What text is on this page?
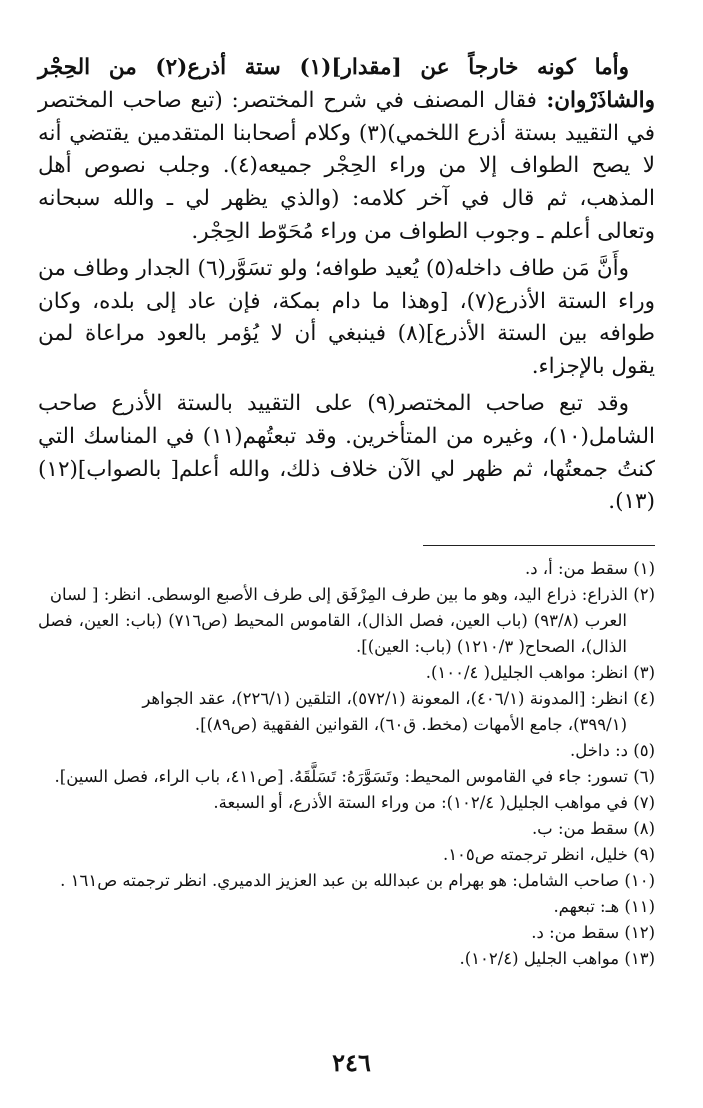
وأما كونه خارجاً عن [مقدار](١) ستة أذرع(٢) من الحِجْر والشاذَرْوان: فقال المصنف في شرح المختصر: (تبع صاحب المختصر في التقييد بستة أذرع اللخمي)(٣) وكلام أصحابنا المتقدمين يقتضي أنه لا يصح الطواف إلا من وراء الحِجْر جميعه(٤). وجلب نصوص أهل المذهب، ثم قال في آخر كلامه: (والذي يظهر لي ـ والله سبحانه وتعالى أعلم ـ وجوب الطواف من وراء مُحَوّط الحِجْر.

وأَنَّ مَن طاف داخله(٥) يُعيد طوافه؛ ولو تسَوَّر(٦) الجدار وطاف من وراء الستة الأذرع(٧)، [وهذا ما دام بمكة، فإن عاد إلى بلده، وكان طوافه بين الستة الأذرع](٨) فينبغي أن لا يُؤمر بالعود مراعاة لمن يقول بالإجزاء.

وقد تبع صاحب المختصر(٩) على التقييد بالستة الأذرع صاحب الشامل(١٠)، وغيره من المتأخرين. وقد تبعتُهم(١١) في المناسك التي كنتُ جمعتُها، ثم ظهر لي الآن خلاف ذلك، والله أعلم[ بالصواب](١٢)(١٣).

(١) سقط من: أ، د.
(٢) الذراع: ذراع اليد، وهو ما بين طرف المِرْفَق إلى طرف الأصبع الوسطى. انظر: [ لسان
العرب (٩٣/٨) (باب العين، فصل الذال)، القاموس المحيط (ص٧١٦) (باب: العين، فصل الذال)، الصحاح( ١٢١٠/٣) (باب: العين)].
(٣) انظر: مواهب الجليل( ١٠٠/٤).
(٤) انظر: [المدونة (٤٠٦/١)، المعونة (٥٧٢/١)، التلقين (٢٢٦/١)، عقد الجواهر
(٣٩٩/١)، جامع الأمهات (مخط. ق٦٠)، القوانين الفقهية (ص٨٩)].
(٥) د: داخل.
(٦) تسور: جاء في القاموس المحيط: وتَسَوَّرَهُ: تَسَلَّقَهُ. [ص٤١١، باب الراء، فصل السين].
(٧) في مواهب الجليل( ١٠٢/٤): من وراء الستة الأذرع، أو السبعة.
(٨) سقط من: ب.
(٩) خليل، انظر ترجمته ص١٠٥.
(١٠) صاحب الشامل: هو بهرام بن عبدالله بن عبد العزيز الدميري. انظر ترجمته ص١٦١ .
(١١) هـ: تبعهم.
(١٢) سقط من: د.
(١٣) مواهب الجليل (١٠٢/٤).
٢٤٦
